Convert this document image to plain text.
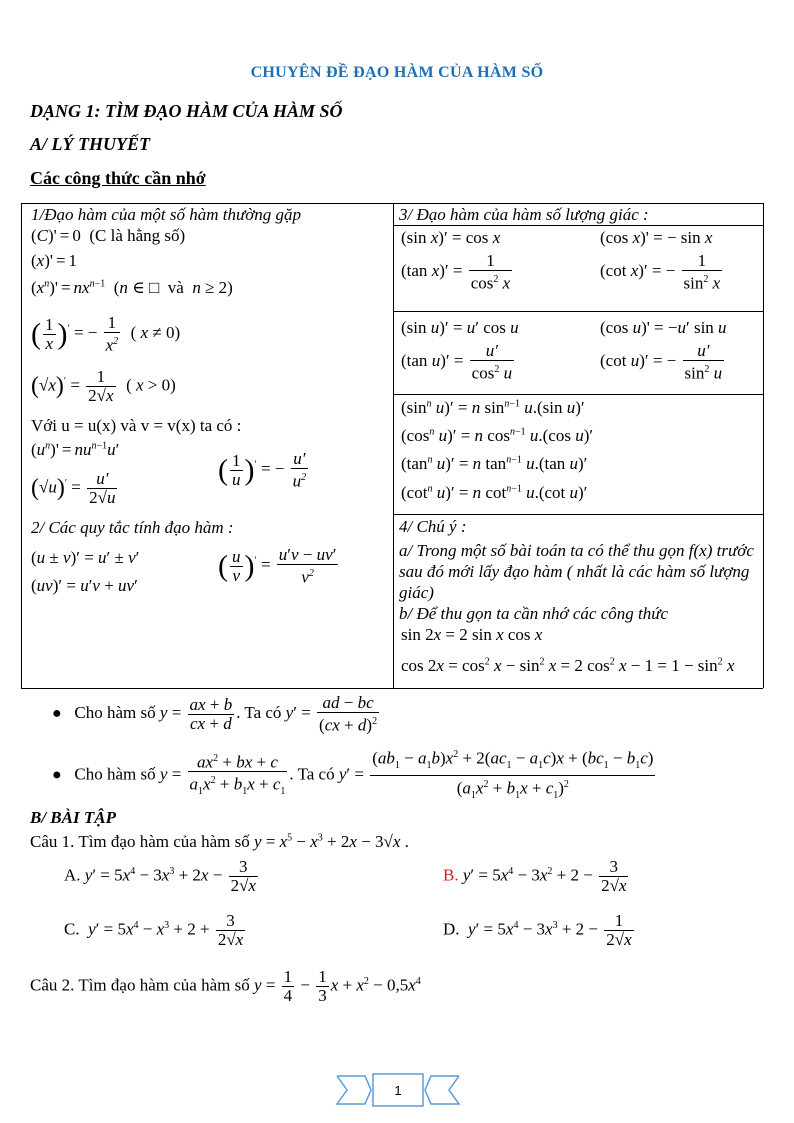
CHUYÊN ĐỀ ĐẠO HÀM CỦA HÀM SỐ
DẠNG 1: TÌM ĐẠO HÀM CỦA HÀM SỐ
A/ LÝ THUYẾT
Các công thức cần nhớ
1/Đạo hàm của một số hàm thường gặp
(C)' = 0  (C là hằng số)
(x)' = 1
$(x^n)' = nx^{n-1}$  (n ∈ □  và n ≥ 2)
( $\frac{1}{x} )'$ = − $\frac{1}{x^2}$ ( x ≠ 0)
$(√x)' = \frac{1}{2√x}$ ( x > 0)
Với u = u(x) và v = v(x) ta có :
$(u^n)' = nu^{n-1}u'$
$(√u)' = \frac{u'}{2√u}$
( $\frac{1}{u} )'$ = − $\frac{u'}{u^2}$
2/ Các quy tắc tính đạo hàm :
(u ± v)′ = u′ ± v′
(uv)′ = u′v + uv′
( $\frac{u}{v} )' = \frac{u'v - uv'}{v^2}$
3/ Đạo hàm của hàm số lượng giác :
(sin x)′ = cos x	(cos x)' = − sin x
(tan $x)' = \frac{1}{\cos^2 x}$	(cot x)′ = − $\frac{1}{\sin^2 x}$
(sin u)′ = u′ cos u	(cos u)' = −u′ sin u
(tan $u)' = \frac{u'}{\cos^2 u}$	(cot u)′ = − $\frac{u'}{\sin^2 u}$
($\sin^n$ u)′ = n $\sin^{n-1} u.(\sin$ u)′
($\cos^n$ u)′ = n $\cos^{n-1} u.(\cos$ u)′
($\tan^n$ u)′ = n $\tan^{n-1} u.(\tan$ u)′
($\cot^n$ u)′ = n $\cot^{n-1} u.(\cot$ u)′
4/ Chú ý :
a/ Trong một số bài toán ta có thể thu gọn f(x) trước sau đó mới lấy đạo hàm ( nhất là các hàm số lượng giác)
b/ Để thu gọn ta cần nhớ các công thức
sin 2x = 2 sin x cos x
$\cos 2x = \cos^2 x - \sin^2 x = 2$ $\cos^2 x - 1 = 1 - \sin^2 x$
● Cho hàm số $y = \frac{ax + b}{cx + d}$ . Ta có $y' = \frac{ad - bc}{(cx + d)^2}$
● Cho hàm số $y = \frac{ax^2 + bx + c}{a_1x^2 + b_1x + c_1}$ . Ta có $y' = \frac{(ab_1 - a_1b)x^2 + 2(ac_1 - a_1c)x + (bc_1 - b_1c)}{(a_1x^2 + b_1x + c_1)^2}$
B/ BÀI TẬP
Câu 1. Tìm đạo hàm của hàm số $y = x^5 - x^3 + 2x - 3√x$ .
A. $y' = 5x^4 - 3x^3 + 2x - \frac{3}{2√x}$	B. $y' = 5x^4 - 3x^2 + 2 - \frac{3}{2√x}$
C. $y' = 5x^4 - x^3 + 2 + \frac{3}{2√x}$	D. $y' = 5x^4 - 3x^3 + 2 - \frac{1}{2√x}$
Câu 2. Tìm đạo hàm của hàm số $y = \frac{1}{4} - \frac{1}{3}$ $x + x^2 - 0,5x^4$
1
